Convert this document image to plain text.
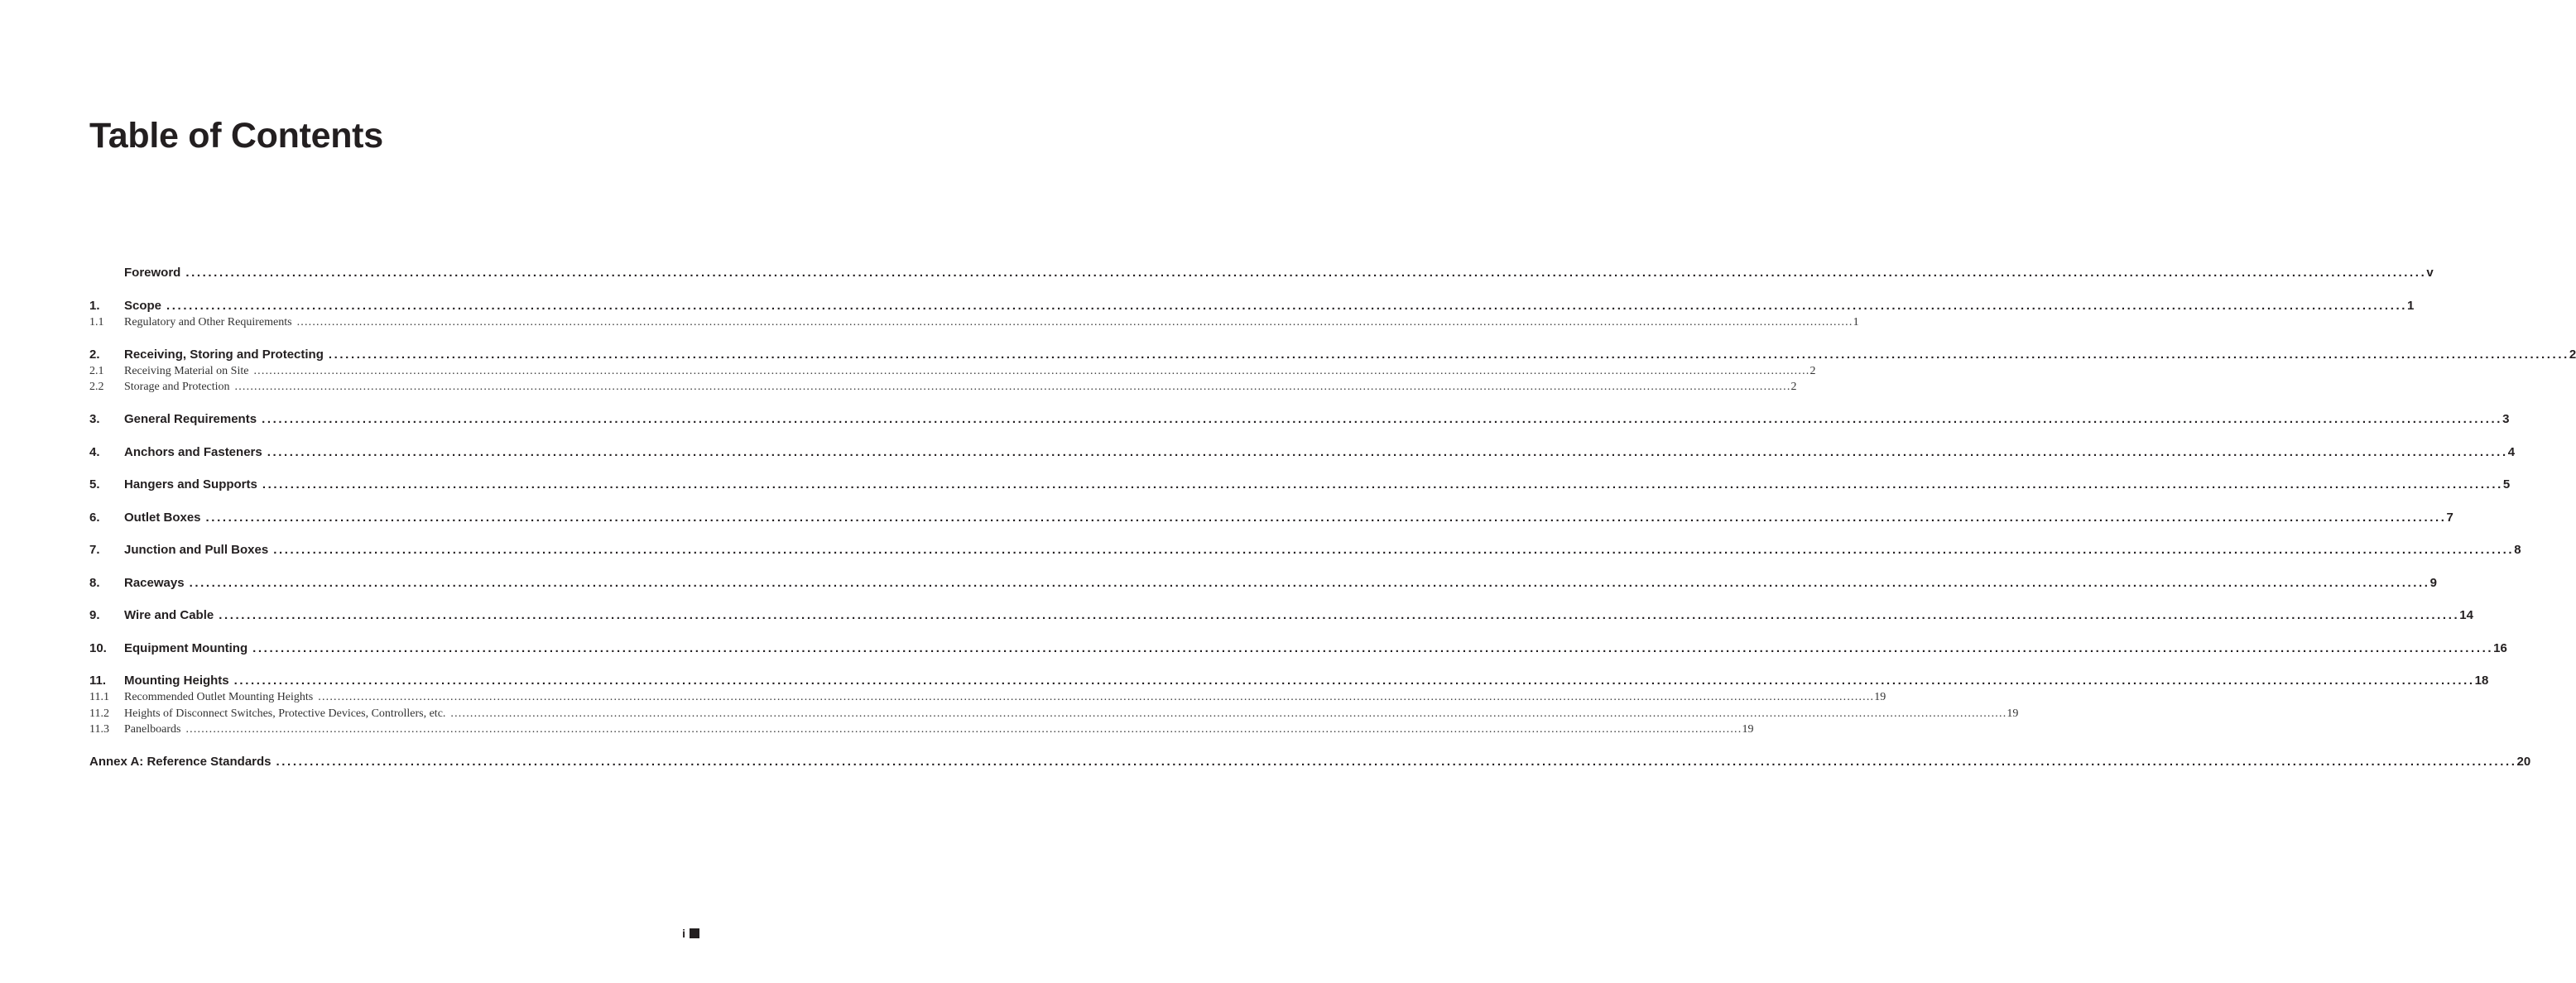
Table of Contents
Foreword ................................................................................................................................................................................................................................................................................................................................................................................................................ v
1.	Scope ................................................................................................................................................................................................................................................................................................................................................................................................................ 1
1.1	Regulatory and Other Requirements ................................................................................................................................................................................................................................................................................................................................................................................................................ 1
2.	Receiving, Storing and Protecting ................................................................................................................................................................................................................................................................................................................................................................................................................ 2
2.1	Receiving Material on Site ................................................................................................................................................................................................................................................................................................................................................................................................................ 2
2.2	Storage and Protection ................................................................................................................................................................................................................................................................................................................................................................................................................ 2
3.	General Requirements ................................................................................................................................................................................................................................................................................................................................................................................................................ 3
4.	Anchors and Fasteners ................................................................................................................................................................................................................................................................................................................................................................................................................ 4
5.	Hangers and Supports ................................................................................................................................................................................................................................................................................................................................................................................................................ 5
6.	Outlet Boxes ................................................................................................................................................................................................................................................................................................................................................................................................................ 7
7.	Junction and Pull Boxes ................................................................................................................................................................................................................................................................................................................................................................................................................ 8
8.	Raceways ................................................................................................................................................................................................................................................................................................................................................................................................................ 9
9.	Wire and Cable ................................................................................................................................................................................................................................................................................................................................................................................................................ 14
10.	Equipment Mounting ................................................................................................................................................................................................................................................................................................................................................................................................................ 16
11.	Mounting Heights ................................................................................................................................................................................................................................................................................................................................................................................................................ 18
11.1	Recommended Outlet Mounting Heights ................................................................................................................................................................................................................................................................................................................................................................................................................ 19
11.2	Heights of Disconnect Switches, Protective Devices, Controllers, etc. ................................................................................................................................................................................................................................................................................................................................................................................................................ 19
11.3	Panelboards ................................................................................................................................................................................................................................................................................................................................................................................................................ 19
Annex A: Reference Standards ................................................................................................................................................................................................................................................................................................................................................................................................................ 20
i
